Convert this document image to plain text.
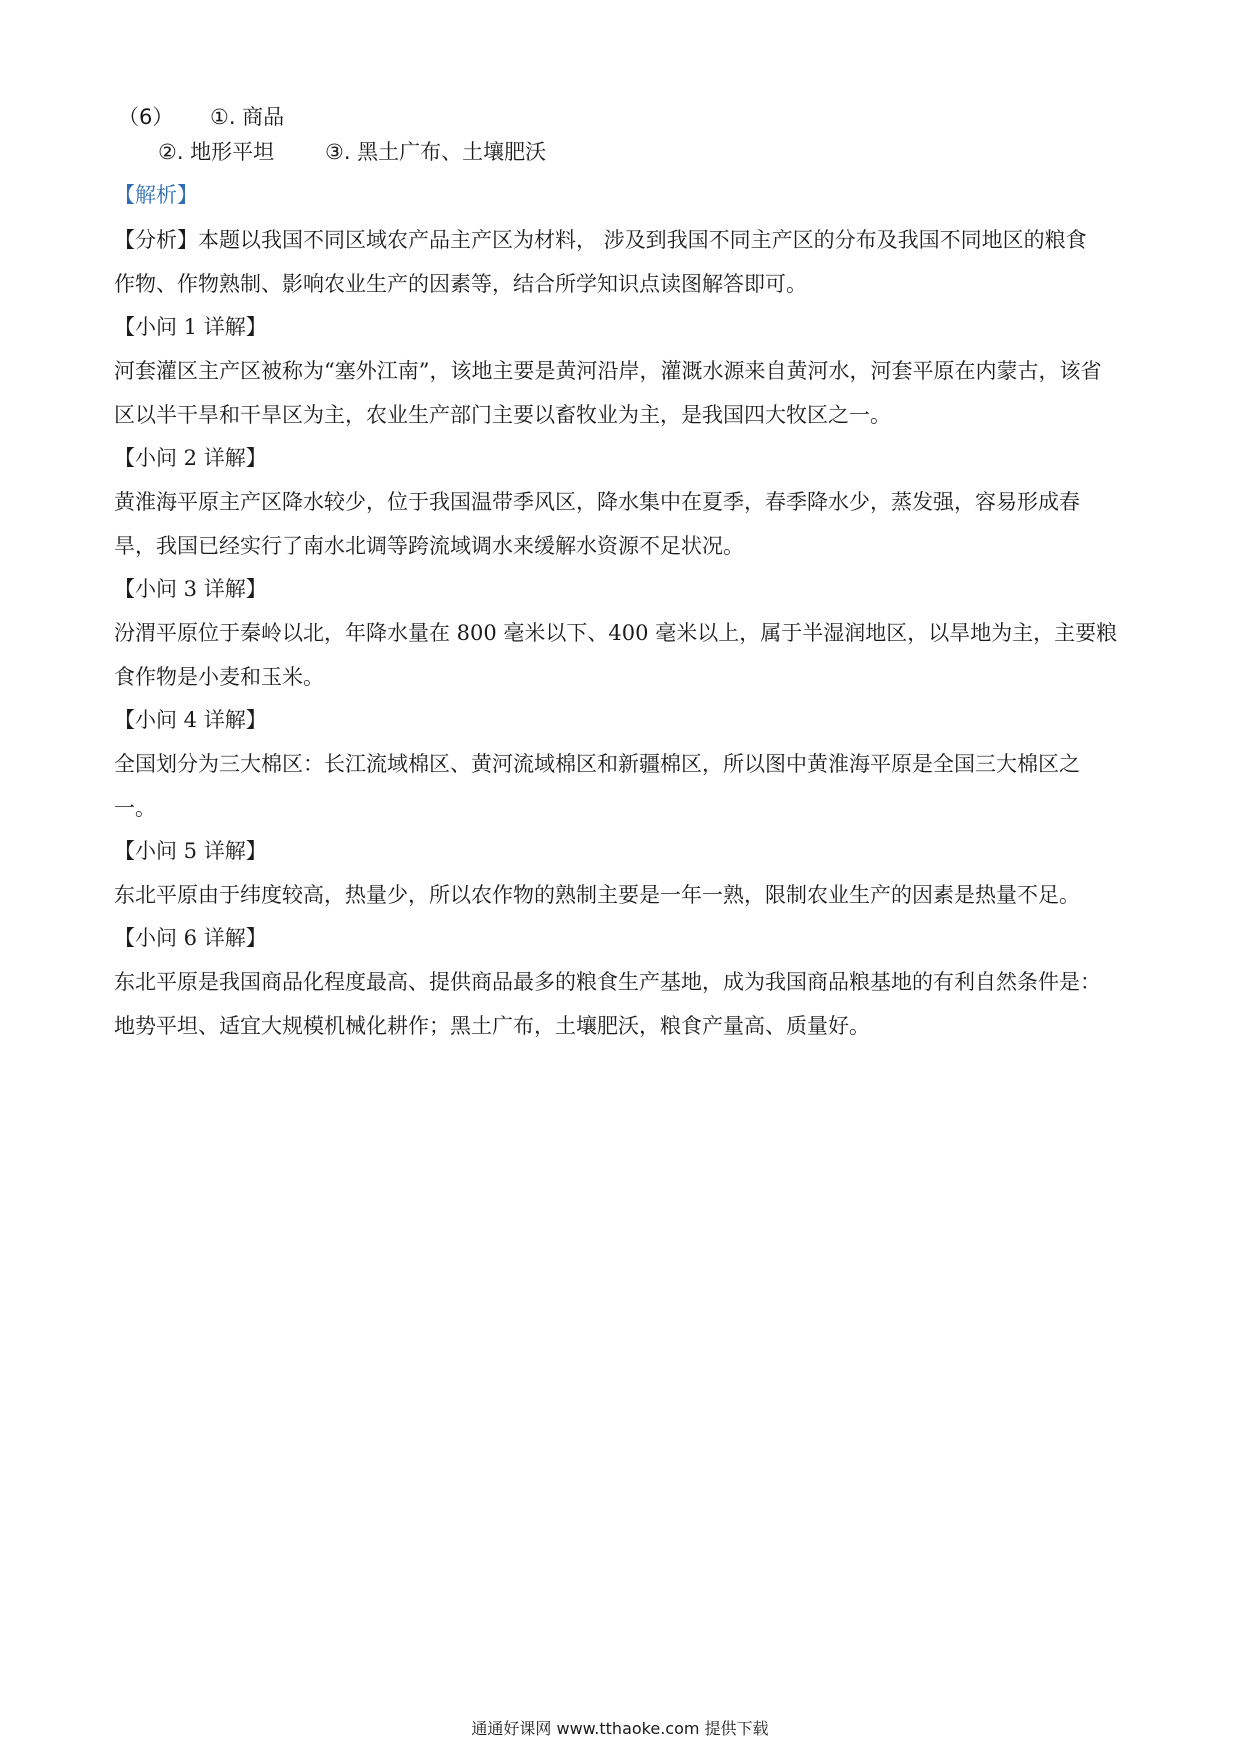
（6） ①. 商品
②. 地形平坦 ③. 黑土广布、土壤肥沃
【解析】
【分析】本题以我国不同区域农产品主产区为材料， 涉及到我国不同主产区的分布及我国不同地区的粮食
作物、作物熟制、影响农业生产的因素等，结合所学知识点读图解答即可。
【小问 1 详解】
河套灌区主产区被称为“塞外江南”，该地主要是黄河沿岸，灌溉水源来自黄河水，河套平原在内蒙古，该省
区以半干旱和干旱区为主，农业生产部门主要以畜牧业为主，是我国四大牧区之一。
【小问 2 详解】
黄淮海平原主产区降水较少，位于我国温带季风区，降水集中在夏季，春季降水少，蒸发强，容易形成春
旱，我国已经实行了南水北调等跨流域调水来缓解水资源不足状况。
【小问 3 详解】
汾渭平原位于秦岭以北，年降水量在 800 毫米以下、400 毫米以上，属于半湿润地区，以旱地为主，主要粮
食作物是小麦和玉米。
【小问 4 详解】
全国划分为三大棉区：长江流域棉区、黄河流域棉区和新疆棉区，所以图中黄淮海平原是全国三大棉区之
一。
【小问 5 详解】
东北平原由于纬度较高，热量少，所以农作物的熟制主要是一年一熟，限制农业生产的因素是热量不足。
【小问 6 详解】
东北平原是我国商品化程度最高、提供商品最多的粮食生产基地，成为我国商品粮基地的有利自然条件是：
地势平坦、适宜大规模机械化耕作；黑土广布，土壤肥沃，粮食产量高、质量好。
通通好课网 www.tthaoke.com 提供下载
